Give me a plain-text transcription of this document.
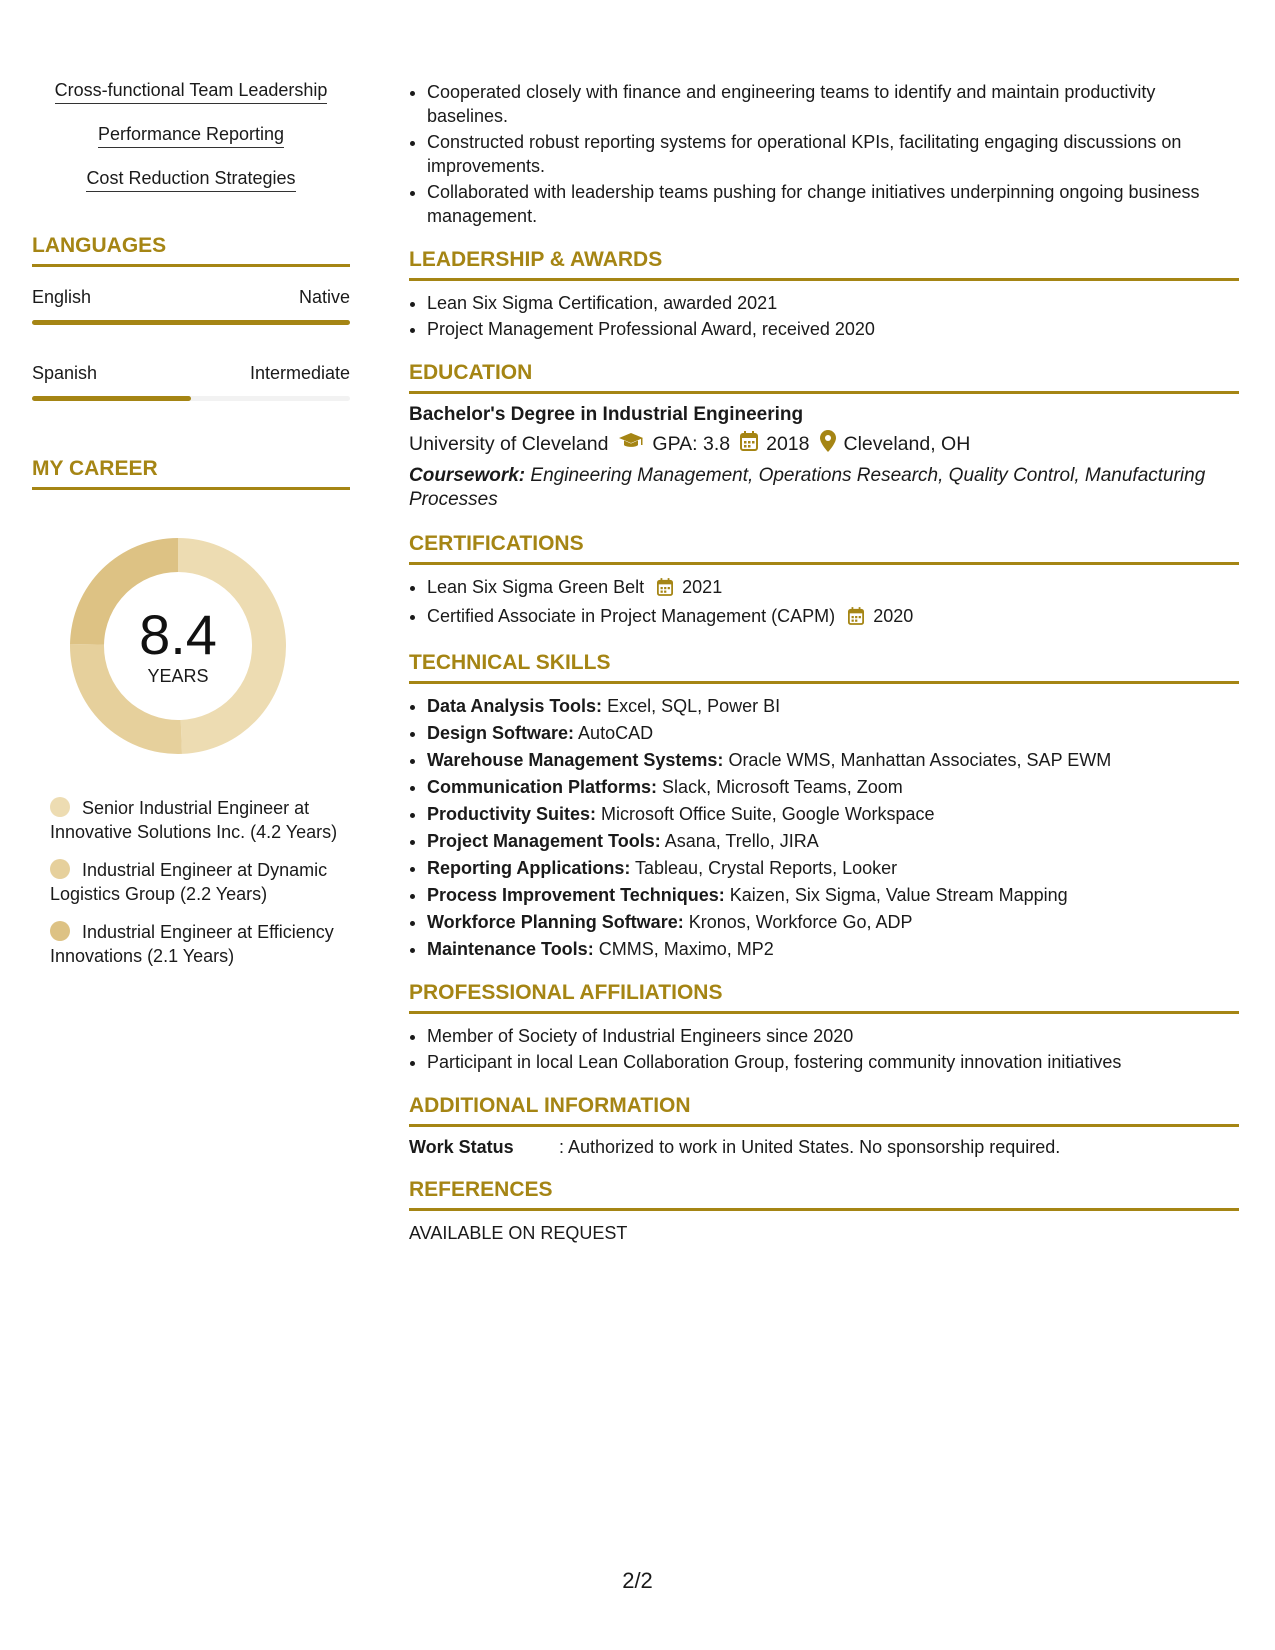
Cross-functional Team Leadership
Performance Reporting
Cost Reduction Strategies
LANGUAGES
English	Native
Spanish	Intermediate
MY CAREER
8.4
YEARS
Senior Industrial Engineer at Innovative Solutions Inc. (4.2 Years)
Industrial Engineer at Dynamic Logistics Group (2.2 Years)
Industrial Engineer at Efficiency Innovations (2.1 Years)
• Cooperated closely with finance and engineering teams to identify and maintain productivity baselines.
• Constructed robust reporting systems for operational KPIs, facilitating engaging discussions on improvements.
• Collaborated with leadership teams pushing for change initiatives underpinning ongoing business management.
LEADERSHIP & AWARDS
• Lean Six Sigma Certification, awarded 2021
• Project Management Professional Award, received 2020
EDUCATION
Bachelor's Degree in Industrial Engineering
University of Cleveland GPA: 3.8 2018 Cleveland, OH
Coursework: Engineering Management, Operations Research, Quality Control, Manufacturing Processes
CERTIFICATIONS
• Lean Six Sigma Green Belt 2021
• Certified Associate in Project Management (CAPM) 2020
TECHNICAL SKILLS
• Data Analysis Tools: Excel, SQL, Power BI
• Design Software: AutoCAD
• Warehouse Management Systems: Oracle WMS, Manhattan Associates, SAP EWM
• Communication Platforms: Slack, Microsoft Teams, Zoom
• Productivity Suites: Microsoft Office Suite, Google Workspace
• Project Management Tools: Asana, Trello, JIRA
• Reporting Applications: Tableau, Crystal Reports, Looker
• Process Improvement Techniques: Kaizen, Six Sigma, Value Stream Mapping
• Workforce Planning Software: Kronos, Workforce Go, ADP
• Maintenance Tools: CMMS, Maximo, MP2
PROFESSIONAL AFFILIATIONS
• Member of Society of Industrial Engineers since 2020
• Participant in local Lean Collaboration Group, fostering community innovation initiatives
ADDITIONAL INFORMATION
Work Status	: Authorized to work in United States. No sponsorship required.
REFERENCES
AVAILABLE ON REQUEST
2/2
